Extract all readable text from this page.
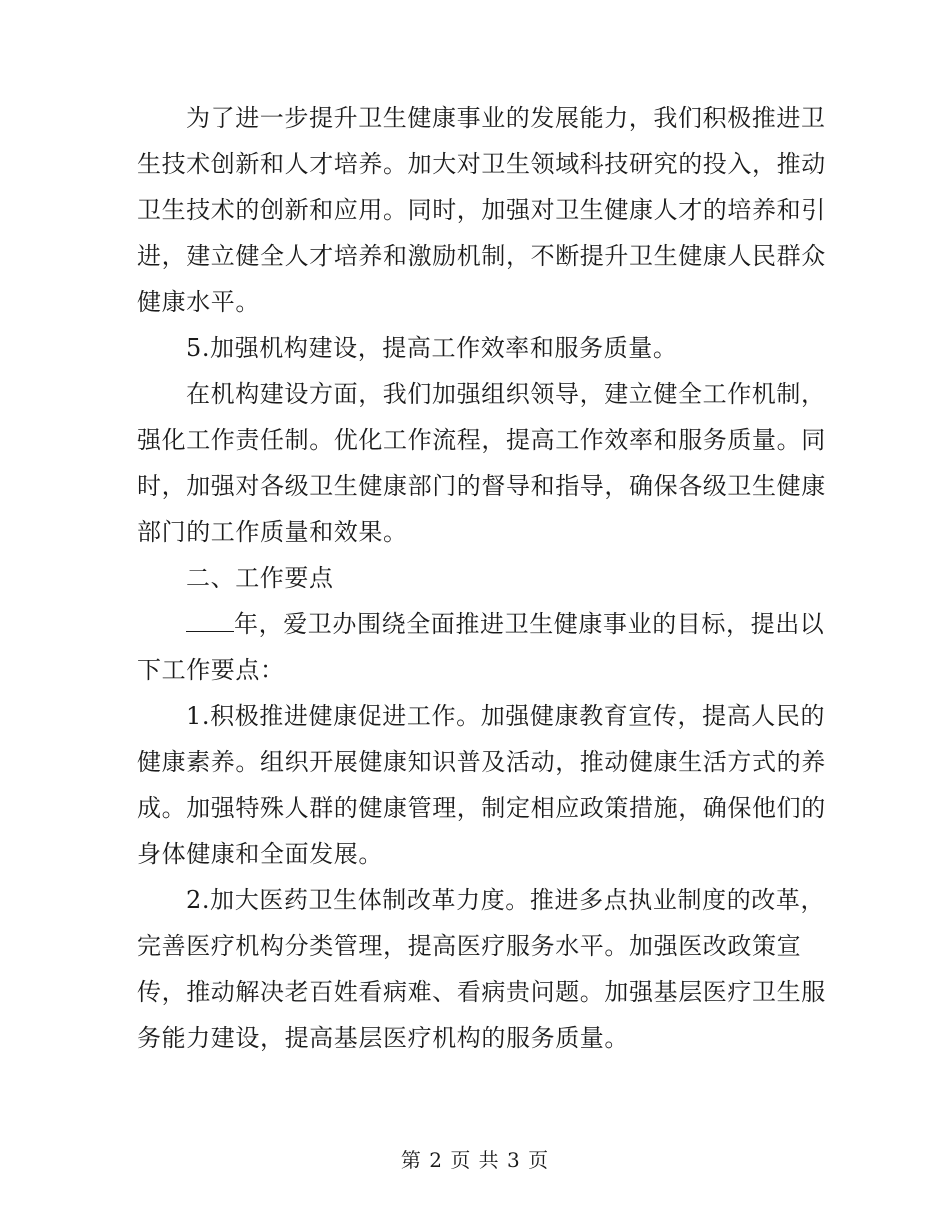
为了进一步提升卫生健康事业的发展能力，我们积极推进卫
生技术创新和人才培养。加大对卫生领域科技研究的投入，推动
卫生技术的创新和应用。同时，加强对卫生健康人才的培养和引
进，建立健全人才培养和激励机制，不断提升卫生健康人民群众
健康水平。
5.加强机构建设，提高工作效率和服务质量。
在机构建设方面，我们加强组织领导，建立健全工作机制，
强化工作责任制。优化工作流程，提高工作效率和服务质量。同
时，加强对各级卫生健康部门的督导和指导，确保各级卫生健康
部门的工作质量和效果。
二、工作要点
年，爱卫办围绕全面推进卫生健康事业的目标，提出以
下工作要点：
1.积极推进健康促进工作。加强健康教育宣传，提高人民的
健康素养。组织开展健康知识普及活动，推动健康生活方式的养
成。加强特殊人群的健康管理，制定相应政策措施，确保他们的
身体健康和全面发展。
2.加大医药卫生体制改革力度。推进多点执业制度的改革，
完善医疗机构分类管理，提高医疗服务水平。加强医改政策宣
传，推动解决老百姓看病难、看病贵问题。加强基层医疗卫生服
务能力建设，提高基层医疗机构的服务质量。
第 2 页 共 3 页
